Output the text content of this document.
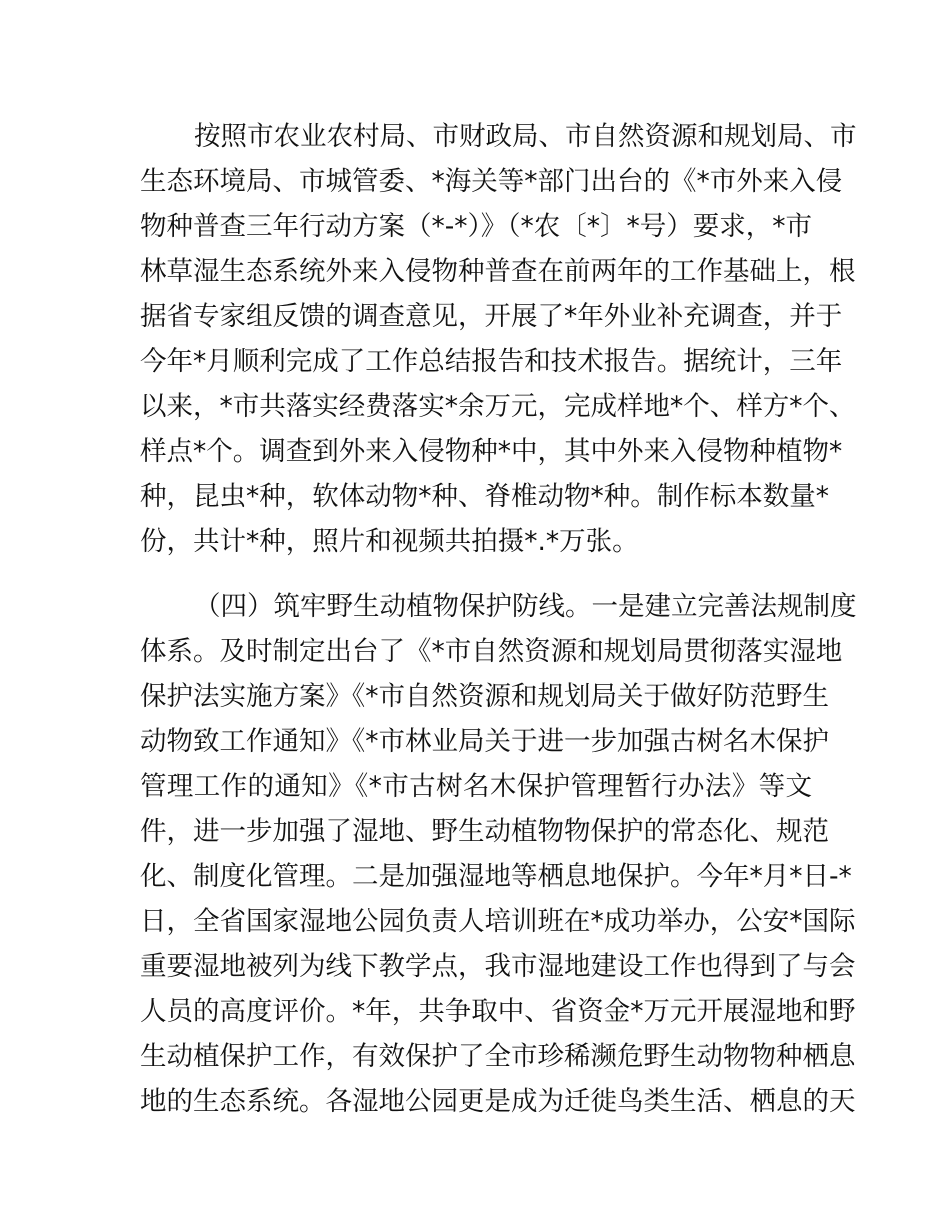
按照市农业农村局、市财政局、市自然资源和规划局、市
生态环境局、市城管委、*海关等*部门出台的《*市外来入侵
物种普查三年行动方案（*-*）》（*农〔*〕*号）要求，*市
林草湿生态系统外来入侵物种普查在前两年的工作基础上，根
据省专家组反馈的调查意见，开展了*年外业补充调查，并于
今年*月顺利完成了工作总结报告和技术报告。据统计，三年
以来，*市共落实经费落实*余万元，完成样地*个、样方*个、
样点*个。调查到外来入侵物种*中，其中外来入侵物种植物*
种，昆虫*种，软体动物*种、脊椎动物*种。制作标本数量*
份，共计*种，照片和视频共拍摄*.*万张。
（四）筑牢野生动植物保护防线。一是建立完善法规制度
体系。及时制定出台了《*市自然资源和规划局贯彻落实湿地
保护法实施方案》《*市自然资源和规划局关于做好防范野生
动物致工作通知》《*市林业局关于进一步加强古树名木保护
管理工作的通知》《*市古树名木保护管理暂行办法》等文
件，进一步加强了湿地、野生动植物物保护的常态化、规范
化、制度化管理。二是加强湿地等栖息地保护。今年*月*日-*
日，全省国家湿地公园负责人培训班在*成功举办，公安*国际
重要湿地被列为线下教学点，我市湿地建设工作也得到了与会
人员的高度评价。*年，共争取中、省资金*万元开展湿地和野
生动植保护工作，有效保护了全市珍稀濒危野生动物物种栖息
地的生态系统。各湿地公园更是成为迁徙鸟类生活、栖息的天
